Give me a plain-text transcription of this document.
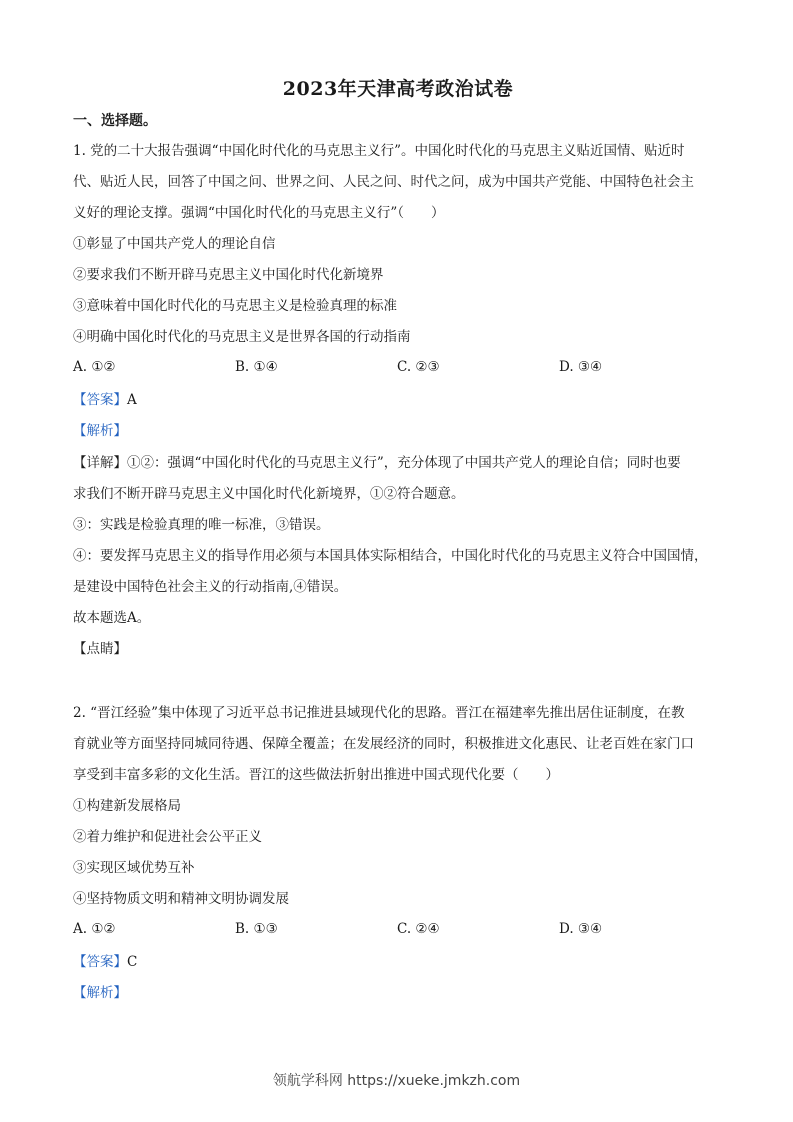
2023年天津高考政治试卷
一、选择题。
1. 党的二十大报告强调“中国化时代化的马克思主义行”。中国化时代化的马克思主义贴近国情、贴近时
代、贴近人民，回答了中国之问、世界之问、人民之问、时代之问，成为中国共产党能、中国特色社会主
义好的理论支撑。强调“中国化时代化的马克思主义行”（　　）
①彰显了中国共产党人的理论自信
②要求我们不断开辟马克思主义中国化时代化新境界
③意味着中国化时代化的马克思主义是检验真理的标准
④明确中国化时代化的马克思主义是世界各国的行动指南
A. ①②	B. ①④	C. ②③	D. ③④
【答案】A
【解析】
【详解】①②：强调“中国化时代化的马克思主义行”，充分体现了中国共产党人的理论自信；同时也要
求我们不断开辟马克思主义中国化时代化新境界，①②符合题意。
③：实践是检验真理的唯一标准，③错误。
④：要发挥马克思主义的指导作用必须与本国具体实际相结合，中国化时代化的马克思主义符合中国国情，
是建设中国特色社会主义的行动指南,④错误。
故本题选A。
【点睛】
2. “晋江经验”集中体现了习近平总书记推进县域现代化的思路。晋江在福建率先推出居住证制度，在教
育就业等方面坚持同城同待遇、保障全覆盖；在发展经济的同时，积极推进文化惠民、让老百姓在家门口
享受到丰富多彩的文化生活。晋江的这些做法折射出推进中国式现代化要（　　）
①构建新发展格局
②着力维护和促进社会公平正义
③实现区域优势互补
④坚持物质文明和精神文明协调发展
A. ①②	B. ①③	C. ②④	D. ③④
【答案】C
【解析】
领航学科网 https://xueke.jmkzh.com
